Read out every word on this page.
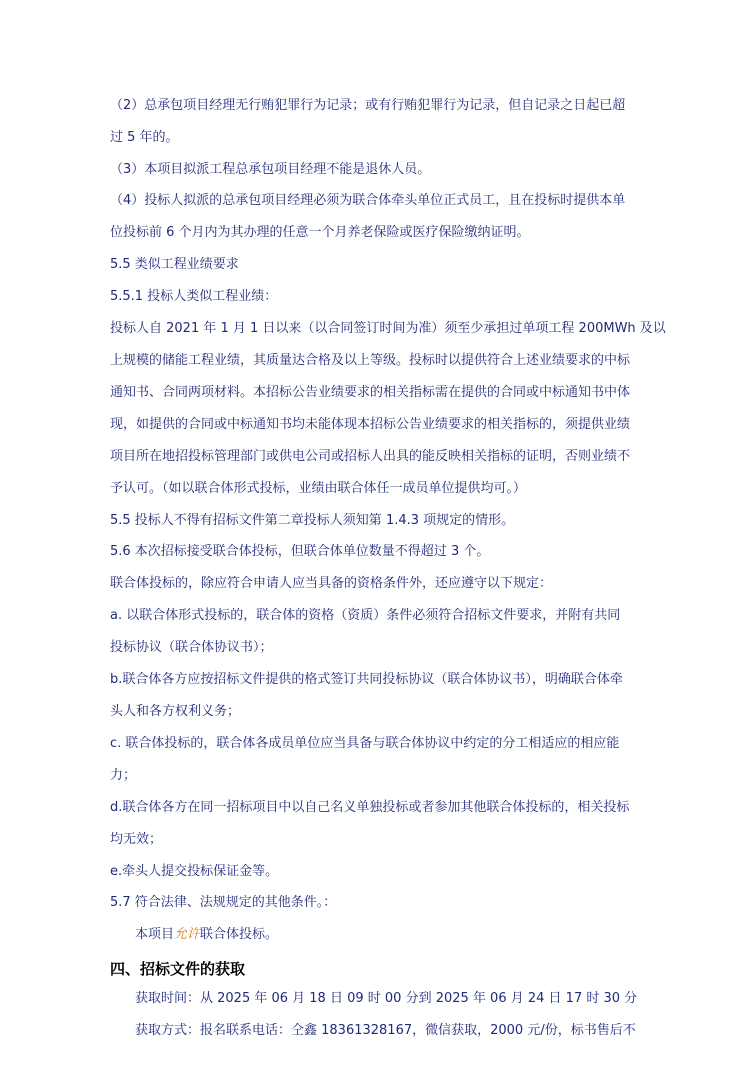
（2）总承包项目经理无行贿犯罪行为记录；或有行贿犯罪行为记录，但自记录之日起已超
过 5 年的。
（3）本项目拟派工程总承包项目经理不能是退休人员。
（4）投标人拟派的总承包项目经理必须为联合体牵头单位正式员工，且在投标时提供本单
位投标前 6 个月内为其办理的任意一个月养老保险或医疗保险缴纳证明。
5.5 类似工程业绩要求
5.5.1 投标人类似工程业绩：
投标人自 2021 年 1 月 1 日以来（以合同签订时间为准）须至少承担过单项工程 200MWh 及以
上规模的储能工程业绩，其质量达合格及以上等级。投标时以提供符合上述业绩要求的中标
通知书、合同两项材料。本招标公告业绩要求的相关指标需在提供的合同或中标通知书中体
现，如提供的合同或中标通知书均未能体现本招标公告业绩要求的相关指标的，须提供业绩
项目所在地招投标管理部门或供电公司或招标人出具的能反映相关指标的证明，否则业绩不
予认可。（如以联合体形式投标，业绩由联合体任一成员单位提供均可。）
5.5 投标人不得有招标文件第二章投标人须知第 1.4.3 项规定的情形。
5.6 本次招标接受联合体投标，但联合体单位数量不得超过 3 个。
联合体投标的，除应符合申请人应当具备的资格条件外，还应遵守以下规定：
a. 以联合体形式投标的，联合体的资格（资质）条件必须符合招标文件要求，并附有共同
投标协议（联合体协议书）；
b.联合体各方应按招标文件提供的格式签订共同投标协议（联合体协议书），明确联合体牵
头人和各方权利义务；
c. 联合体投标的，联合体各成员单位应当具备与联合体协议中约定的分工相适应的相应能
力；
d.联合体各方在同一招标项目中以自己名义单独投标或者参加其他联合体投标的，相关投标
均无效；
e.牵头人提交投标保证金等。
5.7 符合法律、法规规定的其他条件。：
本项目允许联合体投标。
四、招标文件的获取
获取时间：从 2025 年 06 月 18 日 09 时 00 分到 2025 年 06 月 24 日 17 时 30 分
获取方式：报名联系电话：仝鑫 18361328167，微信获取，2000 元/份，标书售后不
